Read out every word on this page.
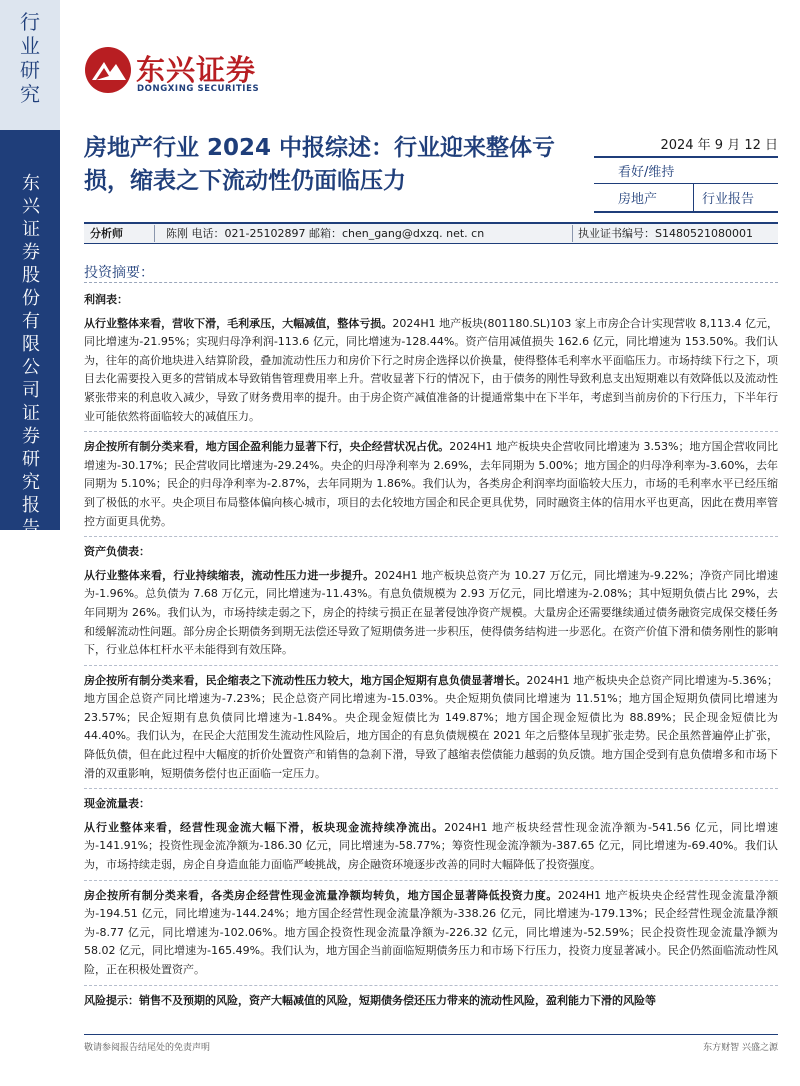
行业研究
东兴证券股份有限公司证券研究报告
东兴证券
DONGXING SECURITIES
房地产行业 2024 中报综述：行业迎来整体亏损，缩表之下流动性仍面临压力
2024 年 9 月 12 日
看好/维持
房地产	行业报告
分析师	陈刚 电话：021-25102897 邮箱：chen_gang@dxzq. net. cn	执业证书编号：S1480521080001
投资摘要：
利润表：

从行业整体来看，营收下滑，毛利承压，大幅减值，整体亏损。2024H1 地产板块(801180.SL)103 家上市房企合计实现营收 8,113.4 亿元，同比增速为-21.95%；实现归母净利润-113.6 亿元，同比增速为-128.44%。资产信用减值损失 162.6 亿元，同比增速为 153.50%。我们认为，往年的高价地块进入结算阶段，叠加流动性压力和房价下行之时房企选择以价换量，使得整体毛利率水平面临压力。市场持续下行之下，项目去化需要投入更多的营销成本导致销售管理费用率上升。营收显著下行的情况下，由于债务的刚性导致利息支出短期难以有效降低以及流动性紧张带来的利息收入减少，导致了财务费用率的提升。由于房企资产减值准备的计提通常集中在下半年，考虑到当前房价的下行压力，下半年行业可能依然将面临较大的减值压力。

房企按所有制分类来看，地方国企盈利能力显著下行，央企经营状况占优。2024H1 地产板块央企营收同比增速为 3.53%；地方国企营收同比增速为-30.17%；民企营收同比增速为-29.24%。央企的归母净利率为 2.69%，去年同期为 5.00%；地方国企的归母净利率为-3.60%，去年同期为 5.10%；民企的归母净利率为-2.87%，去年同期为 1.86%。我们认为，各类房企利润率均面临较大压力，市场的毛利率水平已经压缩到了极低的水平。央企项目布局整体偏向核心城市，项目的去化较地方国企和民企更具优势，同时融资主体的信用水平也更高，因此在费用率管控方面更具优势。

资产负债表：

从行业整体来看，行业持续缩表，流动性压力进一步提升。2024H1 地产板块总资产为 10.27 万亿元，同比增速为-9.22%；净资产同比增速为-1.96%。总负债为 7.68 万亿元，同比增速为-11.43%。有息负债规模为 2.93 万亿元，同比增速为-2.08%；其中短期负债占比 29%，去年同期为 26%。我们认为，市场持续走弱之下，房企的持续亏损正在显著侵蚀净资产规模。大量房企还需要继续通过债务融资完成保交楼任务和缓解流动性问题。部分房企长期债务到期无法偿还导致了短期债务进一步积压，使得债务结构进一步恶化。在资产价值下滑和债务刚性的影响下，行业总体杠杆水平未能得到有效压降。

房企按所有制分类来看，民企缩表之下流动性压力较大，地方国企短期有息负债显著增长。2024H1 地产板块央企总资产同比增速为-5.36%；地方国企总资产同比增速为-7.23%；民企总资产同比增速为-15.03%。央企短期负债同比增速为 11.51%；地方国企短期负债同比增速为 23.57%；民企短期有息负债同比增速为-1.84%。央企现金短债比为 149.87%；地方国企现金短债比为 88.89%；民企现金短债比为 44.40%。我们认为，在民企大范围发生流动性风险后，地方国企的有息负债规模在 2021 年之后整体呈现扩张走势。民企虽然普遍停止扩张，降低负债，但在此过程中大幅度的折价处置资产和销售的急刹下滑，导致了越缩表偿债能力越弱的负反馈。地方国企受到有息负债增多和市场下滑的双重影响，短期债务偿付也正面临一定压力。

现金流量表：

从行业整体来看，经营性现金流大幅下滑，板块现金流持续净流出。2024H1 地产板块经营性现金流净额为-541.56 亿元，同比增速为-141.91%；投资性现金流净额为-186.30 亿元，同比增速为-58.77%；筹资性现金流净额为-387.65 亿元，同比增速为-69.40%。我们认为，市场持续走弱，房企自身造血能力面临严峻挑战，房企融资环境逐步改善的同时大幅降低了投资强度。

房企按所有制分类来看，各类房企经营性现金流量净额均转负，地方国企显著降低投资力度。2024H1 地产板块央企经营性现金流量净额为-194.51 亿元，同比增速为-144.24%；地方国企经营性现金流量净额为-338.26 亿元，同比增速为-179.13%；民企经营性现金流量净额为-8.77 亿元，同比增速为-102.06%。地方国企投资性现金流量净额为-226.32 亿元，同比增速为-52.59%；民企投资性现金流量净额为 58.02 亿元，同比增速为-165.49%。我们认为，地方国企当前面临短期债务压力和市场下行压力，投资力度显著减小。民企仍然面临流动性风险，正在积极处置资产。

风险提示：销售不及预期的风险，资产大幅减值的风险，短期债务偿还压力带来的流动性风险，盈利能力下滑的风险等

敬请参阅报告结尾处的免责声明	东方财智 兴盛之源
